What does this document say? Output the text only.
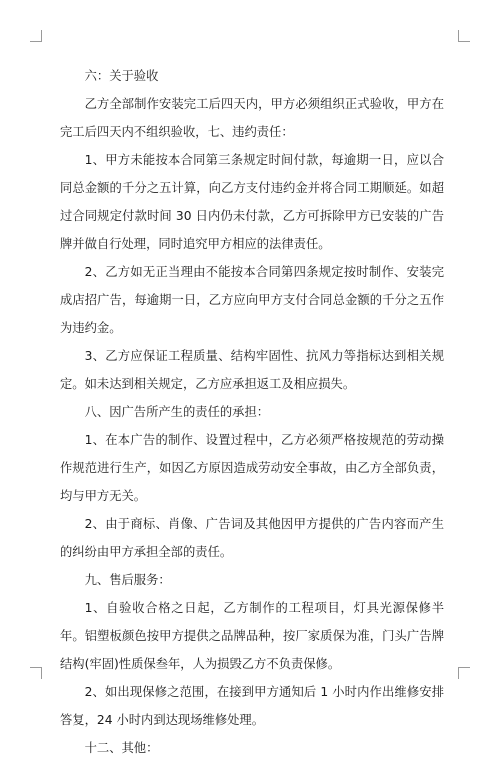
六：关于验收

乙方全部制作安装完工后四天内，甲方必须组织正式验收，甲方在完工后四天内不组织验收，七、违约责任：

1、甲方未能按本合同第三条规定时间付款，每逾期一日，应以合同总金额的千分之五计算，向乙方支付违约金并将合同工期顺延。如超过合同规定付款时间 30 日内仍未付款，乙方可拆除甲方已安装的广告牌并做自行处理，同时追究甲方相应的法律责任。

2、乙方如无正当理由不能按本合同第四条规定按时制作、安装完成店招广告，每逾期一日，乙方应向甲方支付合同总金额的千分之五作为违约金。

3、乙方应保证工程质量、结构牢固性、抗风力等指标达到相关规定。如未达到相关规定，乙方应承担返工及相应损失。

八、因广告所产生的责任的承担：

1、在本广告的制作、设置过程中，乙方必须严格按规范的劳动操作规范进行生产，如因乙方原因造成劳动安全事故，由乙方全部负责，均与甲方无关。

2、由于商标、肖像、广告词及其他因甲方提供的广告内容而产生的纠纷由甲方承担全部的责任。

九、售后服务：

1、自验收合格之日起，乙方制作的工程项目，灯具光源保修半年。铝塑板颜色按甲方提供之品牌品种，按厂家质保为准，门头广告牌结构(牢固)性质保叁年，人为损毁乙方不负责保修。

2、如出现保修之范围，在接到甲方通知后 1 小时内作出维修安排答复，24 小时内到达现场维修处理。

十二、其他：
